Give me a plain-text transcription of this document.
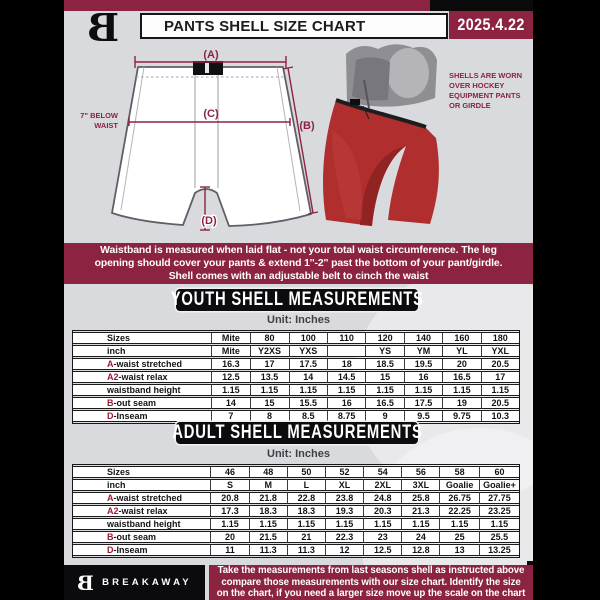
B	PANTS SHELL SIZE CHART	2025.4.22
(A)
(C)
7" BELOW
WAIST	(B)
(D)
SHELLS ARE WORN
OVER HOCKEY
EQUIPMENT PANTS
OR GIRDLE
Waistband is measured when laid flat - not your total waist circumference. The leg
opening should cover your pants & extend 1''-2'' past the bottom of your pant/girdle.
Shell comes with an adjustable belt to cinch the waist
YOUTH SHELL MEASUREMENTS
Unit: Inches
Sizes	Mite	80	100	110	120	140	160	180
inch	Mite	Y2XS	YXS		YS	YM	YL	YXL
A-waist stretched	16.3	17	17.5	18	18.5	19.5	20	20.5
A2-waist relax	12.5	13.5	14	14.5	15	16	16.5	17
waistband height	1.15	1.15	1.15	1.15	1.15	1.15	1.15	1.15
B-out seam	14	15	15.5	16	16.5	17.5	19	20.5
D-Inseam	7	8	8.5	8.75	9	9.5	9.75	10.3
ADULT SHELL MEASUREMENTS
Unit: Inches
Sizes	46	48	50	52	54	56	58	60
inch	S	M	L	XL	2XL	3XL	Goalie	Goalie+
A-waist stretched	20.8	21.8	22.8	23.8	24.8	25.8	26.75	27.75
A2-waist relax	17.3	18.3	18.3	19.3	20.3	21.3	22.25	23.25
waistband height	1.15	1.15	1.15	1.15	1.15	1.15	1.15	1.15
B-out seam	20	21.5	21	22.3	23	24	25	25.5
D-Inseam	11	11.3	11.3	12	12.5	12.8	13	13.25
B BREAKAWAY
Take the measurements from last seasons shell as instructed above
compare those measurements with our size chart. Identify the size
on the chart, if you need a larger size move up the scale on the chart
